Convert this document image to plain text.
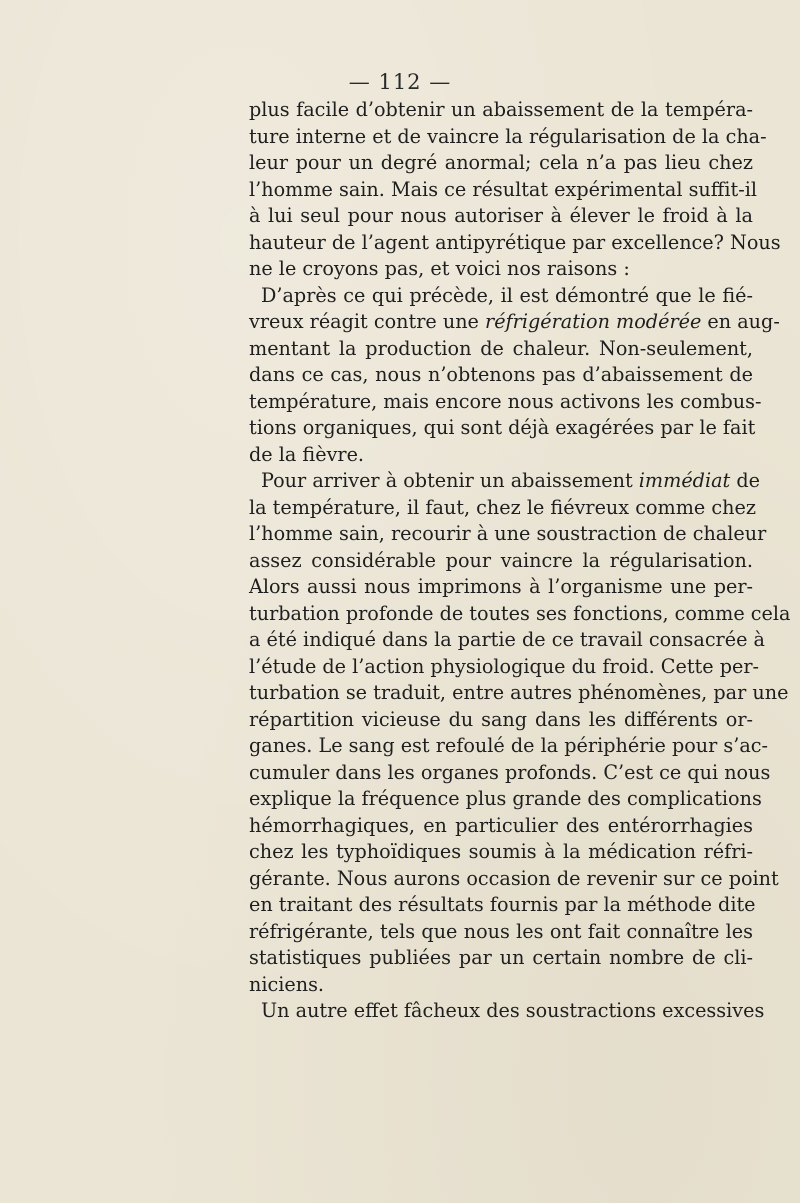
— 112 —
plus facile d’obtenir un abaissement de la tempéra-
ture interne et de vaincre la régularisation de la cha-
leur pour un degré anormal; cela n’a pas lieu chez
l’homme sain. Mais ce résultat expérimental suffit-il
à lui seul pour nous autoriser à élever le froid à la
hauteur de l’agent antipyrétique par excellence? Nous
ne le croyons pas, et voici nos raisons :
D’après ce qui précède, il est démontré que le fié-
vreux réagit contre une réfrigération modérée en aug-
mentant la production de chaleur. Non-seulement,
dans ce cas, nous n’obtenons pas d’abaissement de
température, mais encore nous activons les combus-
tions organiques, qui sont déjà exagérées par le fait
de la fièvre.
Pour arriver à obtenir un abaissement immédiat de
la température, il faut, chez le fiévreux comme chez
l’homme sain, recourir à une soustraction de chaleur
assez considérable pour vaincre la régularisation.
Alors aussi nous imprimons à l’organisme une per-
turbation profonde de toutes ses fonctions, comme cela
a été indiqué dans la partie de ce travail consacrée à
l’étude de l’action physiologique du froid. Cette per-
turbation se traduit, entre autres phénomènes, par une
répartition vicieuse du sang dans les différents or-
ganes. Le sang est refoulé de la périphérie pour s’ac-
cumuler dans les organes profonds. C’est ce qui nous
explique la fréquence plus grande des complications
hémorrhagiques, en particulier des entérorrhagies
chez les typhoïdiques soumis à la médication réfri-
gérante. Nous aurons occasion de revenir sur ce point
en traitant des résultats fournis par la méthode dite
réfrigérante, tels que nous les ont fait connaître les
statistiques publiées par un certain nombre de cli-
niciens.
Un autre effet fâcheux des soustractions excessives
